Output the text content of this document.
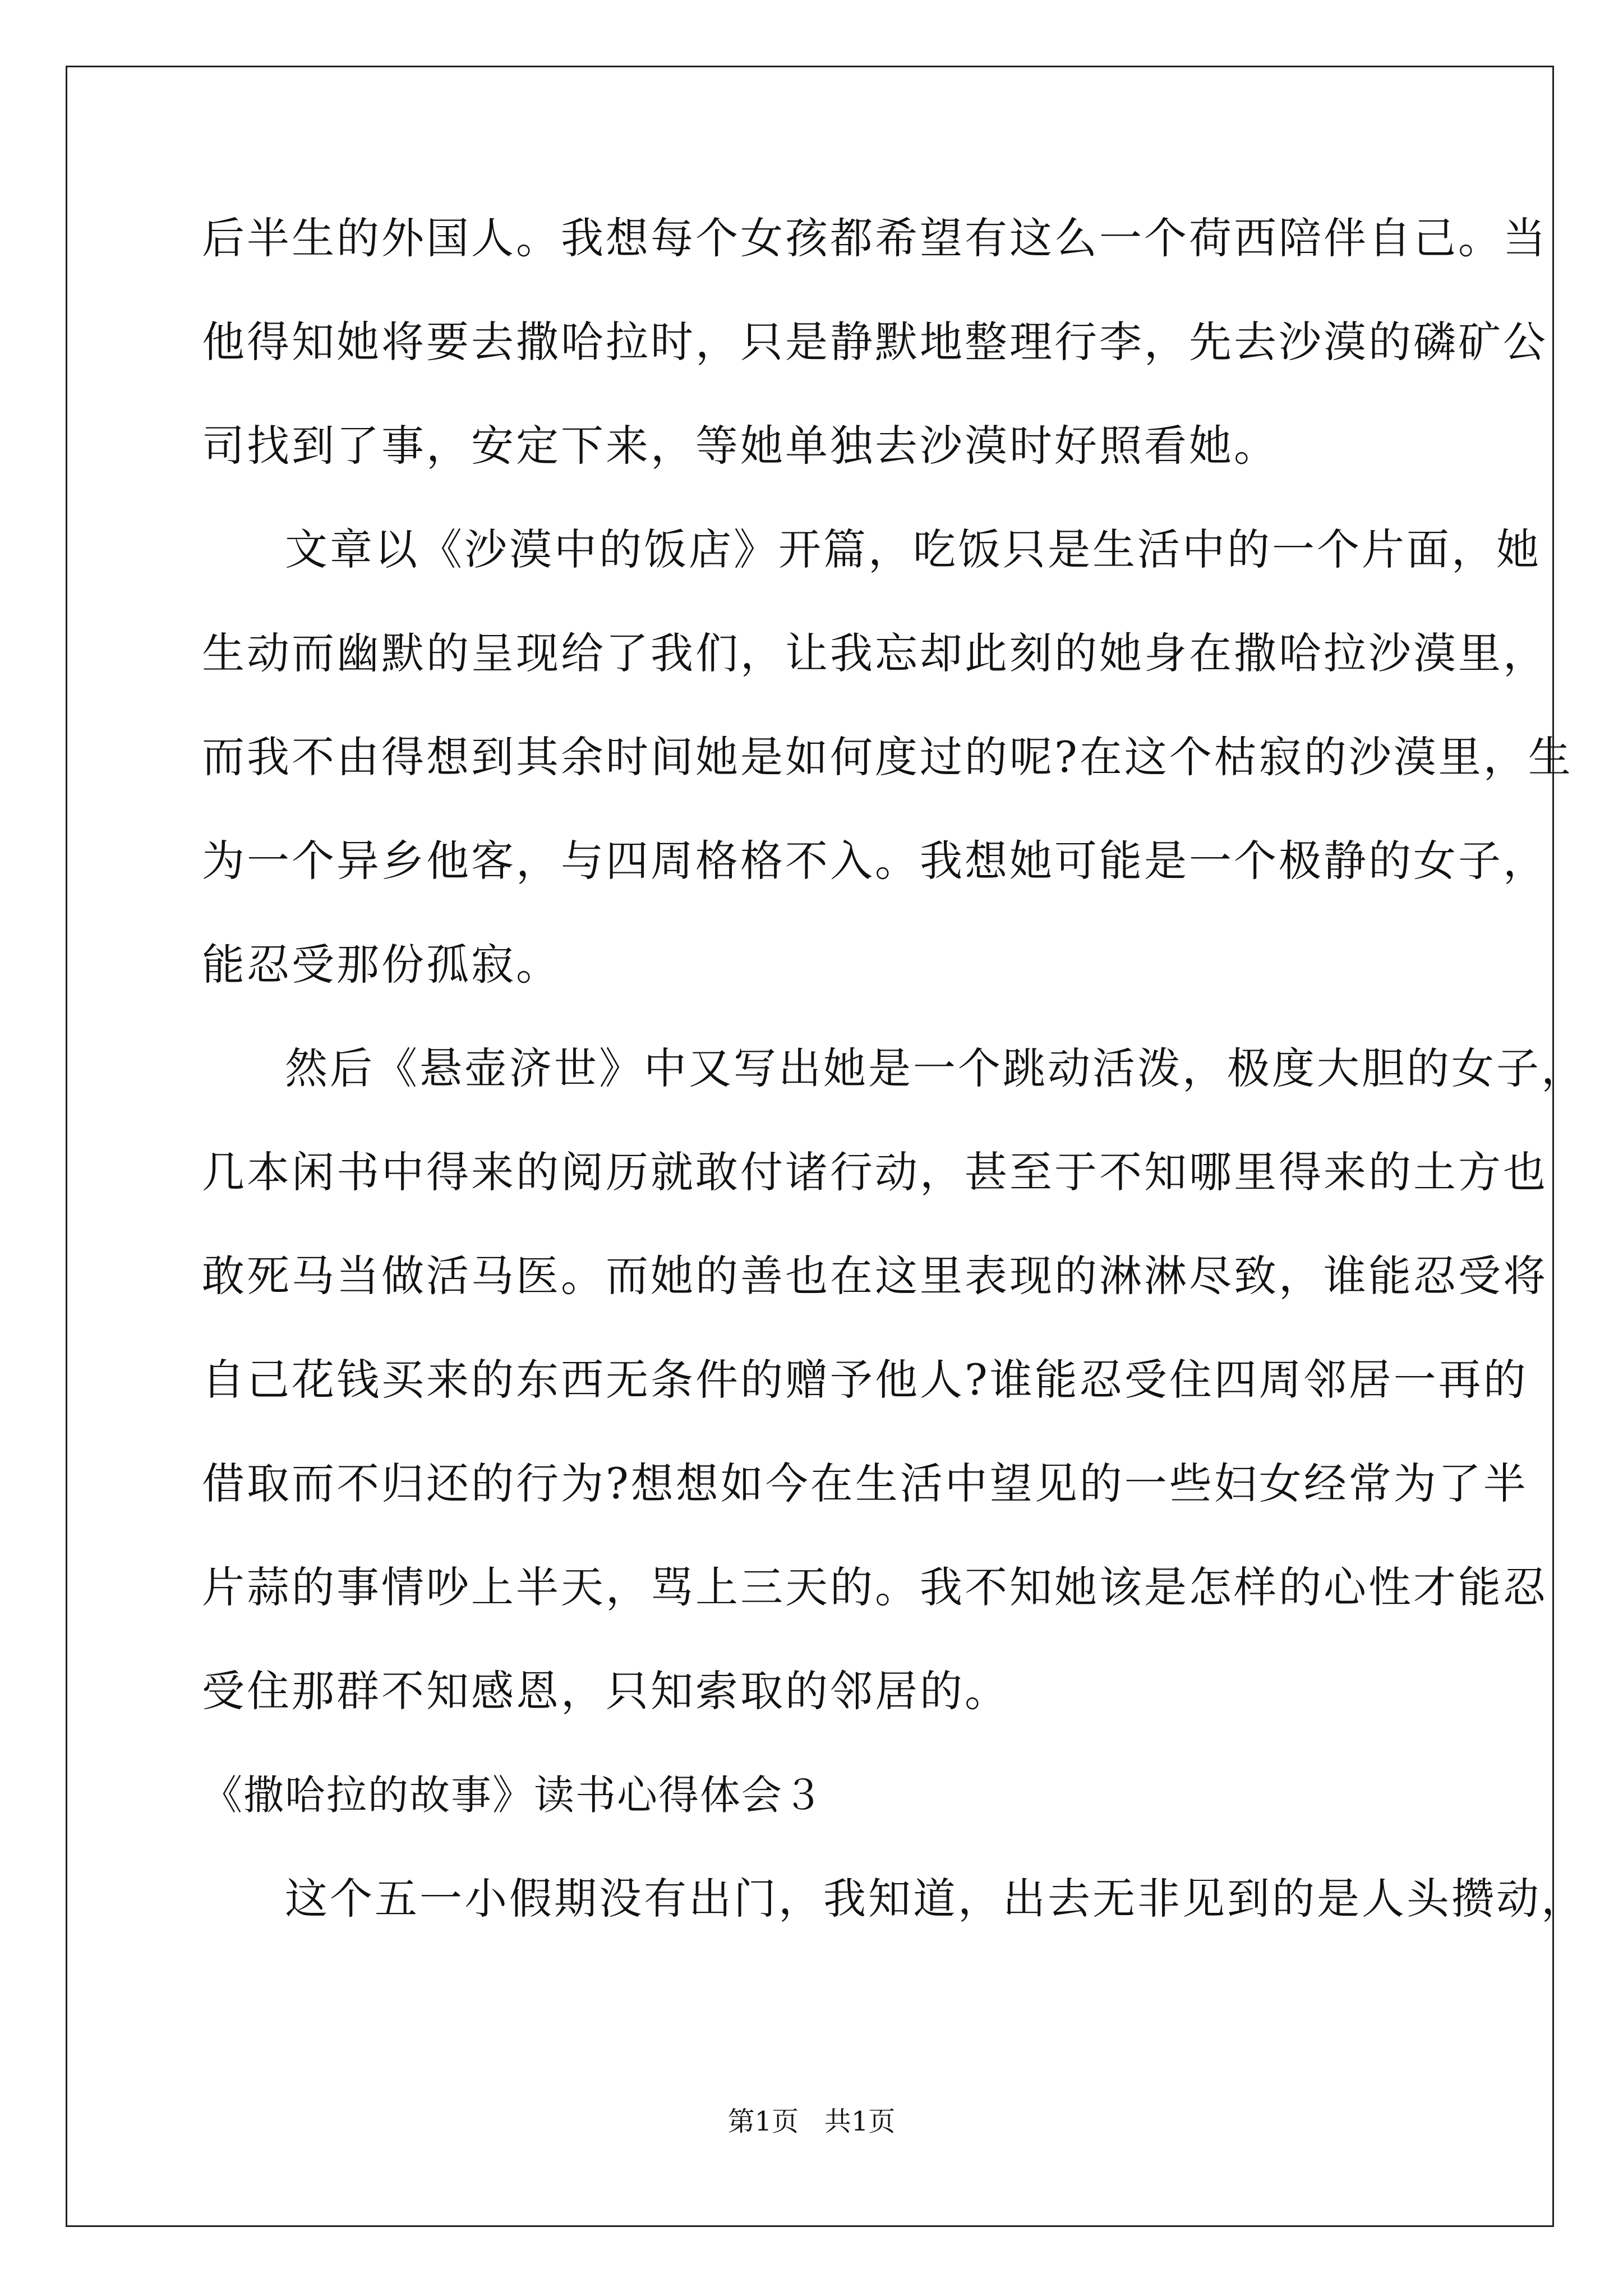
后半生的外国人。我想每个女孩都希望有这么一个荷西陪伴自己。当
他得知她将要去撒哈拉时，只是静默地整理行李，先去沙漠的磷矿公
司找到了事，安定下来，等她单独去沙漠时好照看她。
文章以《沙漠中的饭店》开篇，吃饭只是生活中的一个片面，她
生动而幽默的呈现给了我们，让我忘却此刻的她身在撒哈拉沙漠里，
而我不由得想到其余时间她是如何度过的呢?在这个枯寂的沙漠里，生
为一个异乡他客，与四周格格不入。我想她可能是一个极静的女子，
能忍受那份孤寂。
然后《悬壶济世》中又写出她是一个跳动活泼，极度大胆的女子，
几本闲书中得来的阅历就敢付诸行动，甚至于不知哪里得来的土方也
敢死马当做活马医。而她的善也在这里表现的淋淋尽致，谁能忍受将
自己花钱买来的东西无条件的赠予他人?谁能忍受住四周邻居一再的
借取而不归还的行为?想想如今在生活中望见的一些妇女经常为了半
片蒜的事情吵上半天，骂上三天的。我不知她该是怎样的心性才能忍
受住那群不知感恩，只知索取的邻居的。
《撒哈拉的故事》读书心得体会３
这个五一小假期没有出门，我知道，出去无非见到的是人头攒动，
第1页   共1页
